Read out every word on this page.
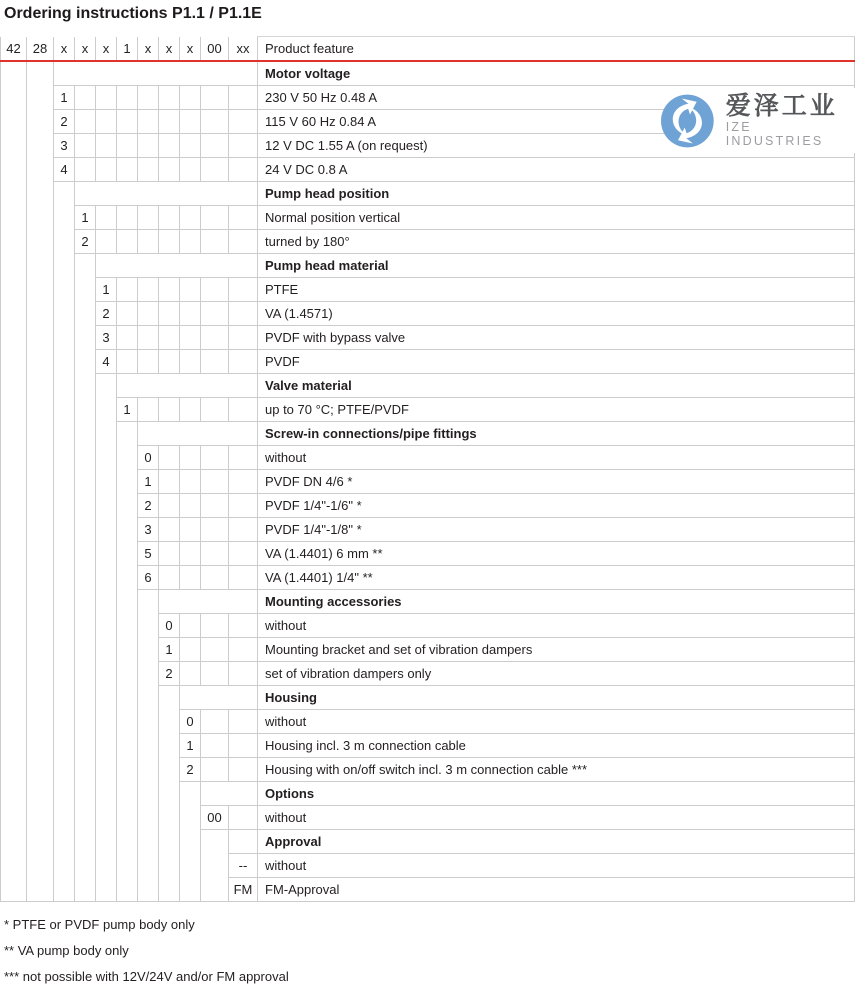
Ordering instructions P1.1 / P1.1E
42	28	x	x	x	1	x	x	x	00	xx	Product feature
											Motor voltage
		1									230 V 50 Hz 0.48 A
		2									115 V 60 Hz 0.84 A
		3									12 V DC 1.55 A (on request)
		4									24 V DC 0.8 A
											Pump head position
			1								Normal position vertical
			2								turned by 180°
											Pump head material
				1							PTFE
				2							VA (1.4571)
				3							PVDF with bypass valve
				4							PVDF
											Valve material
					1						up to 70 °C; PTFE/PVDF
											Screw-in connections/pipe fittings
						0					without
						1					PVDF DN 4/6 *
						2					PVDF 1/4"-1/6" *
						3					PVDF 1/4"-1/8" *
						5					VA (1.4401) 6 mm **
						6					VA (1.4401) 1/4" **
											Mounting accessories
							0				without
							1				Mounting bracket and set of vibration dampers
							2				set of vibration dampers only
											Housing
								0			without
								1			Housing incl. 3 m connection cable
								2			Housing with on/off switch incl. 3 m connection cable ***
											Options
									00		without
											Approval
										--	without
										FM	FM-Approval
* PTFE or PVDF pump body only
** VA pump body only
*** not possible with 12V/24V and/or FM approval
爱泽工业
IZE INDUSTRIES
